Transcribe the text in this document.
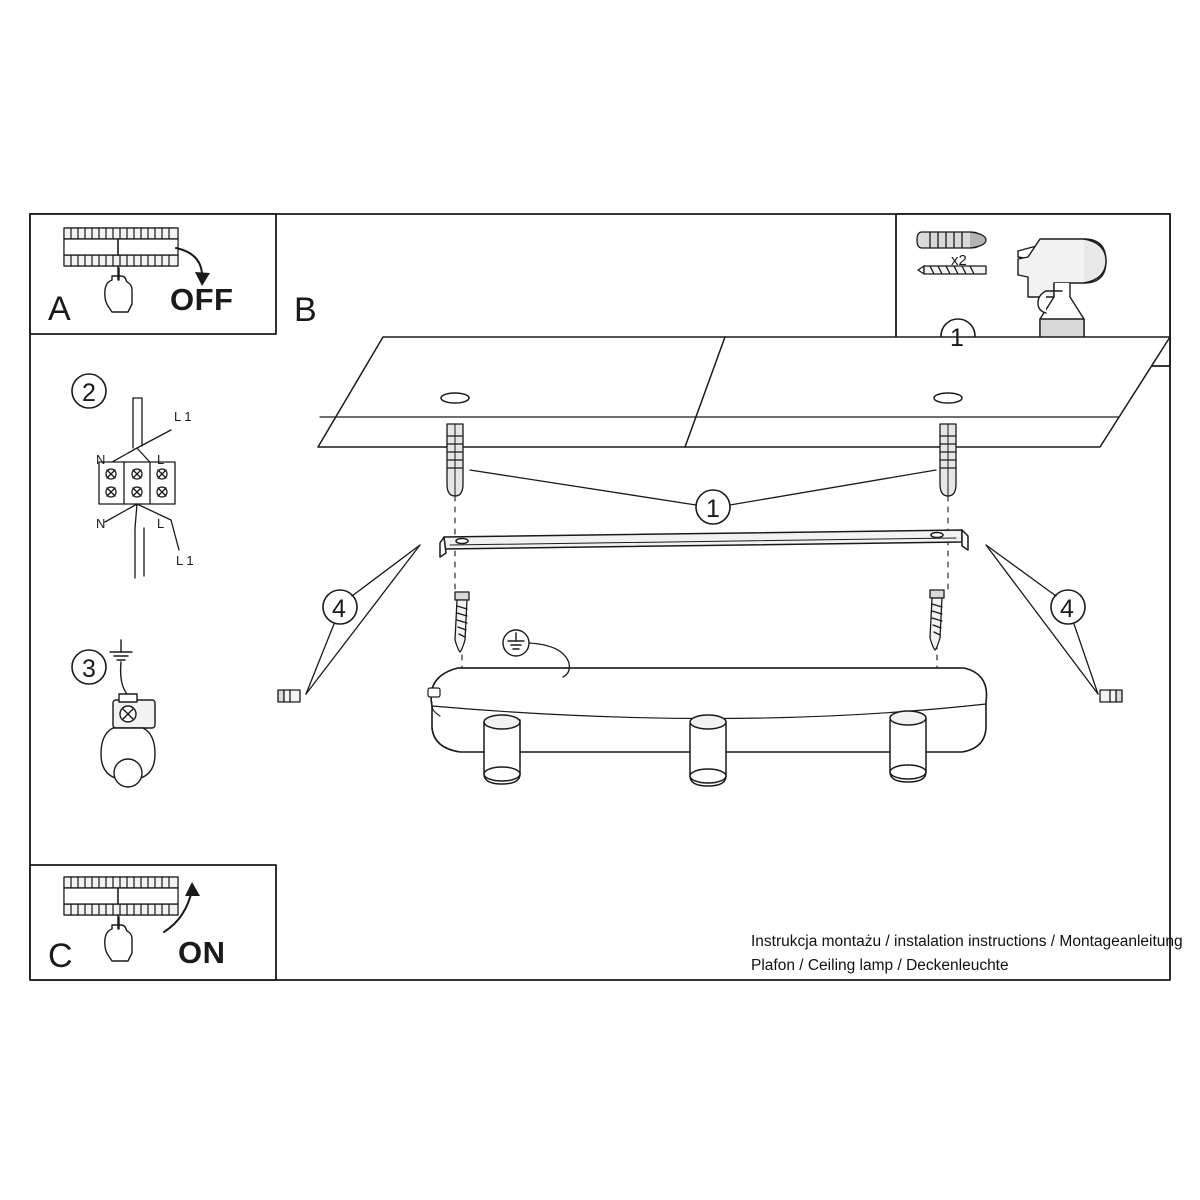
A	OFF B
C	ON
1
x2
2
3
L 1
L 1
N	L
N	L
1
4	4
Instrukcja montażu / instalation instructions / Montageanleitung
Plafon / Ceiling lamp / Deckenleuchte
